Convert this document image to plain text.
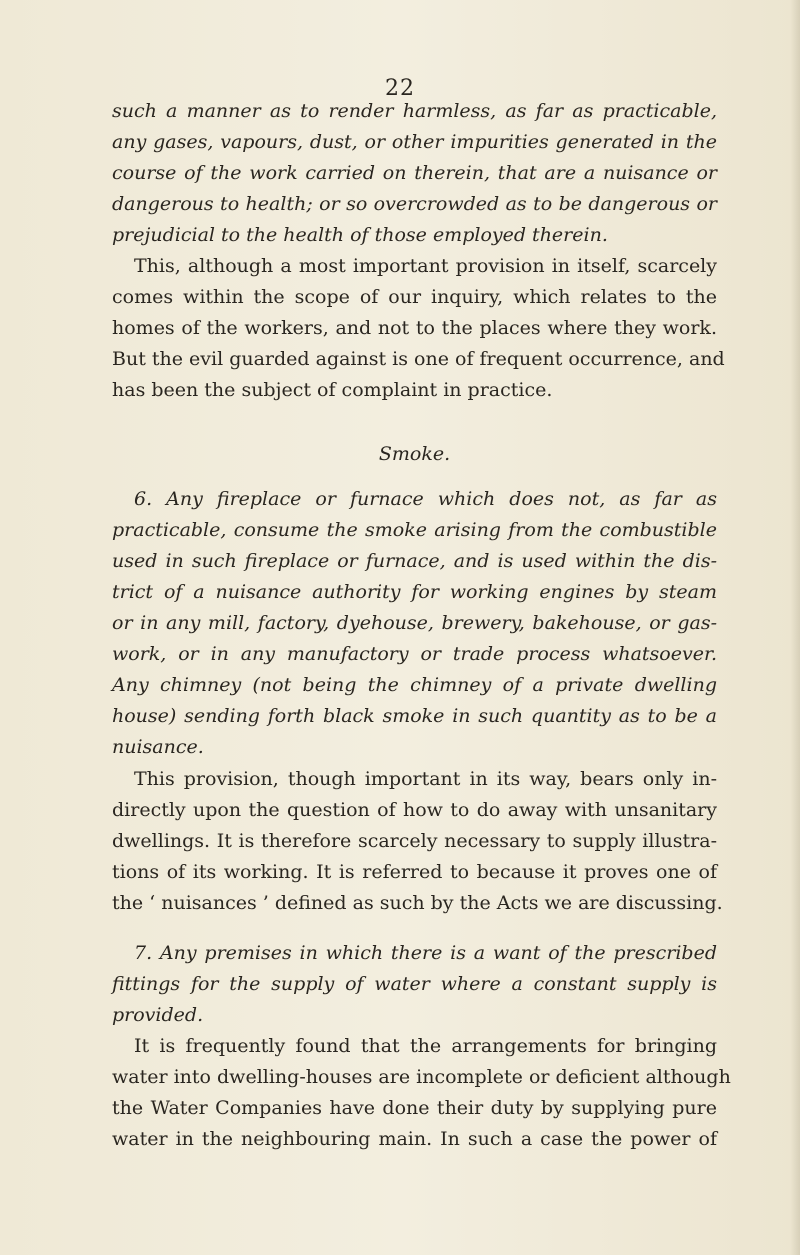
22
such a manner as to render harmless, as far as practicable,
any gases, vapours, dust, or other impurities generated in the
course of the work carried on therein, that are a nuisance or
dangerous to health; or so overcrowded as to be dangerous or
prejudicial to the health of those employed therein.
This, although a most important provision in itself, scarcely
comes within the scope of our inquiry, which relates to the
homes of the workers, and not to the places where they work.
But the evil guarded against is one of frequent occurrence, and
has been the subject of complaint in practice.
Smoke.
6. Any fireplace or furnace which does not, as far as
practicable, consume the smoke arising from the combustible
used in such fireplace or furnace, and is used within the dis-
trict of a nuisance authority for working engines by steam
or in any mill, factory, dyehouse, brewery, bakehouse, or gas-
work, or in any manufactory or trade process whatsoever.
Any chimney (not being the chimney of a private dwelling
house) sending forth black smoke in such quantity as to be a
nuisance.
This provision, though important in its way, bears only in-
directly upon the question of how to do away with unsanitary
dwellings. It is therefore scarcely necessary to supply illustra-
tions of its working. It is referred to because it proves one of
the ‘ nuisances ’ defined as such by the Acts we are discussing.
7. Any premises in which there is a want of the prescribed
fittings for the supply of water where a constant supply is
provided.
It is frequently found that the arrangements for bringing
water into dwelling-houses are incomplete or deficient although
the Water Companies have done their duty by supplying pure
water in the neighbouring main. In such a case the power of
